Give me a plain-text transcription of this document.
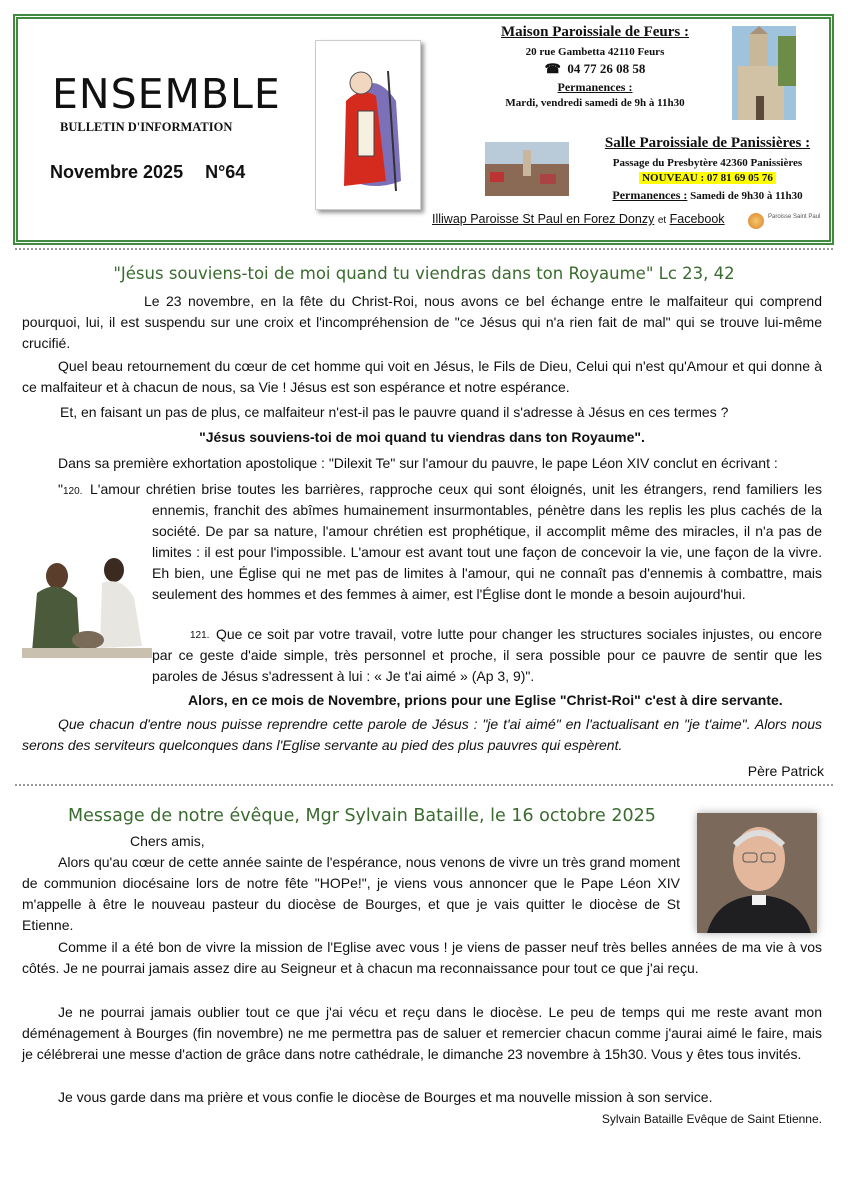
ENSEMBLE
BULLETIN D'INFORMATION
Novembre 2025 N°64
Maison Paroissiale de Feurs :
20 rue Gambetta 42110 Feurs
☎  04 77 26 08 58
Permanences :
Mardi, vendredi samedi de 9h à 11h30
Salle Paroissiale de Panissières :
Passage du Presbytère 42360 Panissières
NOUVEAU : 07 81 69 05 76
Permanences : Samedi de 9h30 à 11h30
Illiwap Paroisse St Paul en Forez Donzy et Facebook	Paroisse Saint Paul
"Jésus souviens-toi de moi quand tu viendras dans ton Royaume" Lc 23, 42
Le 23 novembre, en la fête du Christ-Roi, nous avons ce bel échange entre le malfaiteur qui comprend pourquoi, lui, il est suspendu sur une croix et l'incompréhension de "ce Jésus qui n'a rien fait de mal" qui se trouve lui-même crucifié.
Quel beau retournement du cœur de cet homme qui voit en Jésus, le Fils de Dieu, Celui qui n'est qu'Amour et qui donne à ce malfaiteur et à chacun de nous, sa Vie ! Jésus est son espérance et notre espérance.
Et, en faisant un pas de plus, ce malfaiteur n'est-il pas le pauvre quand il s'adresse à Jésus en ces termes ?
"Jésus souviens-toi de moi quand tu viendras dans ton Royaume".
Dans sa première exhortation apostolique : "Dilexit Te" sur l'amour du pauvre, le pape Léon XIV conclut en écrivant :
"120. L'amour chrétien brise toutes les barrières, rapproche ceux qui sont éloignés, unit les étrangers, rend familiers les ennemis, franchit des abîmes humainement insurmontables, pénètre dans les replis les plus cachés de la société. De par sa nature, l'amour chrétien est prophétique, il accomplit même des miracles, il n'a pas de limites : il est pour l'impossible. L'amour est avant tout une façon de concevoir la vie, une façon de la vivre. Eh bien, une Église qui ne met pas de limites à l'amour, qui ne connaît pas d'ennemis à combattre, mais seulement des hommes et des femmes à aimer, est l'Église dont le monde a besoin aujourd'hui.
121. Que ce soit par votre travail, votre lutte pour changer les structures sociales injustes, ou encore par ce geste d'aide simple, très personnel et proche, il sera possible pour ce pauvre de sentir que les paroles de Jésus s'adressent à lui : « Je t'ai aimé » (Ap 3, 9)".
Alors, en ce mois de Novembre, prions pour une Eglise "Christ-Roi" c'est à dire servante.
Que chacun d'entre nous puisse reprendre cette parole de Jésus : "je t'ai aimé" en l'actualisant en "je t'aime". Alors nous serons des serviteurs quelconques dans l'Eglise servante au pied des plus pauvres qui espèrent.
Père Patrick
Message de notre évêque, Mgr Sylvain Bataille, le 16 octobre 2025
Chers amis,
Alors qu'au cœur de cette année sainte de l'espérance, nous venons de vivre un très grand moment de communion diocésaine lors de notre fête "HOPe!", je viens vous annoncer que le Pape Léon XIV m'appelle à être le nouveau pasteur du diocèse de Bourges, et que je vais quitter le diocèse de St Etienne.
Comme il a été bon de vivre la mission de l'Eglise avec vous ! je viens de passer neuf très belles années de ma vie à vos côtés. Je ne pourrai jamais assez dire au Seigneur et à chacun ma reconnaissance pour tout ce que j'ai reçu.
Je ne pourrai jamais oublier tout ce que j'ai vécu et reçu dans le diocèse. Le peu de temps qui me reste avant mon déménagement à Bourges (fin novembre) ne me permettra pas de saluer et remercier chacun comme j'aurai aimé le faire, mais je célébrerai une messe d'action de grâce dans notre cathédrale, le dimanche 23 novembre à 15h30. Vous y êtes tous invités.
Je vous garde dans ma prière et vous confie le diocèse de Bourges et ma nouvelle mission à son service.
Sylvain Bataille Evêque de Saint Etienne.
